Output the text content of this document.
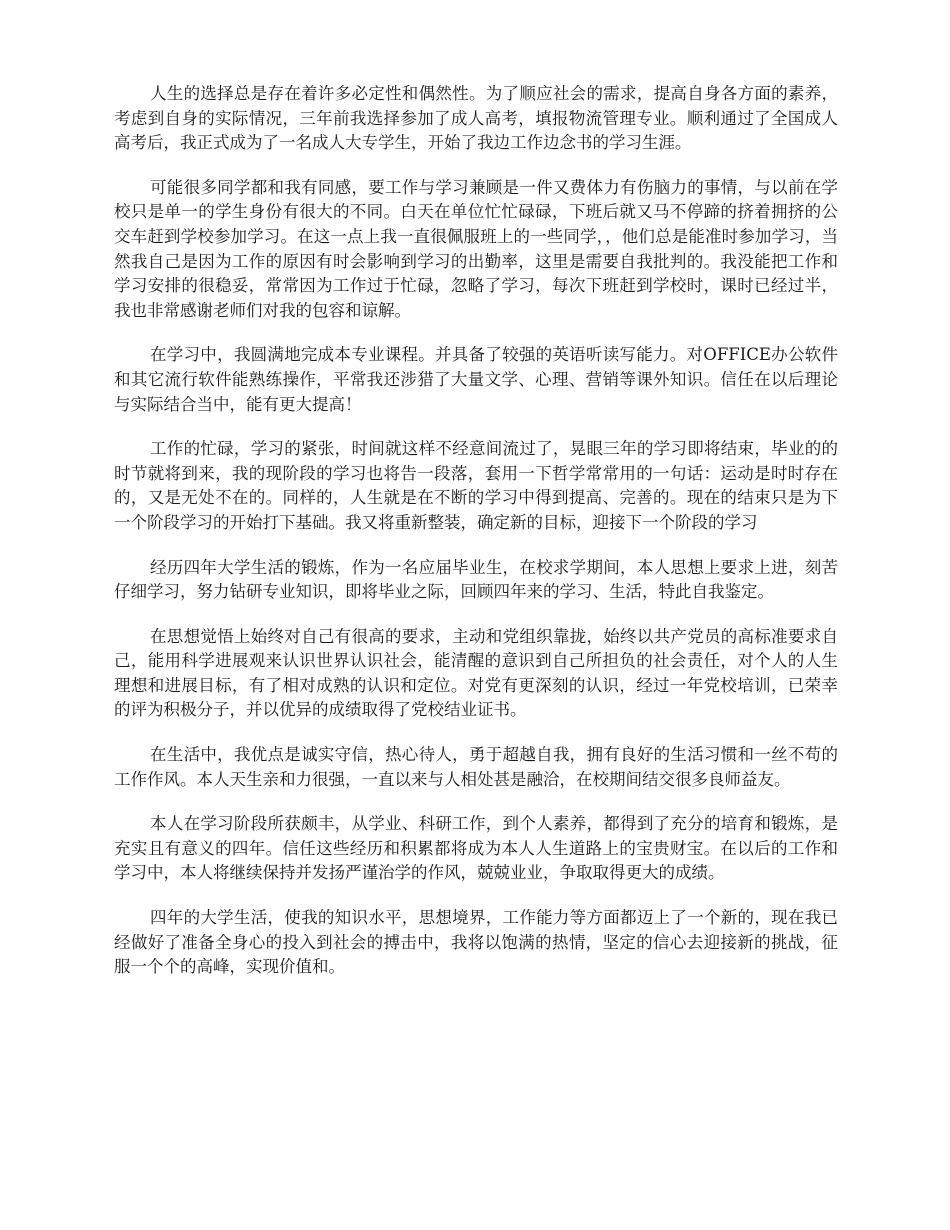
人生的选择总是存在着许多必定性和偶然性。为了顺应社会的需求，提高自身各方面的素养，考虑到自身的实际情况，三年前我选择参加了成人高考，填报物流管理专业。顺利通过了全国成人高考后，我正式成为了一名成人大专学生，开始了我边工作边念书的学习生涯。

可能很多同学都和我有同感，要工作与学习兼顾是一件又费体力有伤脑力的事情，与以前在学校只是单一的学生身份有很大的不同。白天在单位忙忙碌碌，下班后就又马不停蹄的挤着拥挤的公交车赶到学校参加学习。在这一点上我一直很佩服班上的一些同学，，他们总是能准时参加学习，当然我自己是因为工作的原因有时会影响到学习的出勤率，这里是需要自我批判的。我没能把工作和学习安排的很稳妥，常常因为工作过于忙碌，忽略了学习，每次下班赶到学校时，课时已经过半，我也非常感谢老师们对我的包容和谅解。

在学习中，我圆满地完成本专业课程。并具备了较强的英语听读写能力。对OFFICE办公软件和其它流行软件能熟练操作，平常我还涉猎了大量文学、心理、营销等课外知识。信任在以后理论与实际结合当中，能有更大提高！

工作的忙碌，学习的紧张，时间就这样不经意间流过了，晃眼三年的学习即将结束，毕业的的时节就将到来，我的现阶段的学习也将告一段落，套用一下哲学常常用的一句话：运动是时时存在的，又是无处不在的。同样的，人生就是在不断的学习中得到提高、完善的。现在的结束只是为下一个阶段学习的开始打下基础。我又将重新整装，确定新的目标，迎接下一个阶段的学习

经历四年大学生活的锻炼，作为一名应届毕业生，在校求学期间，本人思想上要求上进，刻苦仔细学习，努力钻研专业知识，即将毕业之际，回顾四年来的学习、生活，特此自我鉴定。

在思想觉悟上始终对自己有很高的要求，主动和党组织靠拢，始终以共产党员的高标准要求自己，能用科学进展观来认识世界认识社会，能清醒的意识到自己所担负的社会责任，对个人的人生理想和进展目标，有了相对成熟的认识和定位。对党有更深刻的认识，经过一年党校培训，已荣幸的评为积极分子，并以优异的成绩取得了党校结业证书。

在生活中，我优点是诚实守信，热心待人，勇于超越自我，拥有良好的生活习惯和一丝不苟的工作作风。本人天生亲和力很强，一直以来与人相处甚是融洽，在校期间结交很多良师益友。

本人在学习阶段所获颇丰，从学业、科研工作，到个人素养，都得到了充分的培育和锻炼，是充实且有意义的四年。信任这些经历和积累都将成为本人人生道路上的宝贵财宝。在以后的工作和学习中，本人将继续保持并发扬严谨治学的作风，兢兢业业，争取取得更大的成绩。

四年的大学生活，使我的知识水平，思想境界，工作能力等方面都迈上了一个新的，现在我已经做好了准备全身心的投入到社会的搏击中，我将以饱满的热情，坚定的信心去迎接新的挑战，征服一个个的高峰，实现价值和。
